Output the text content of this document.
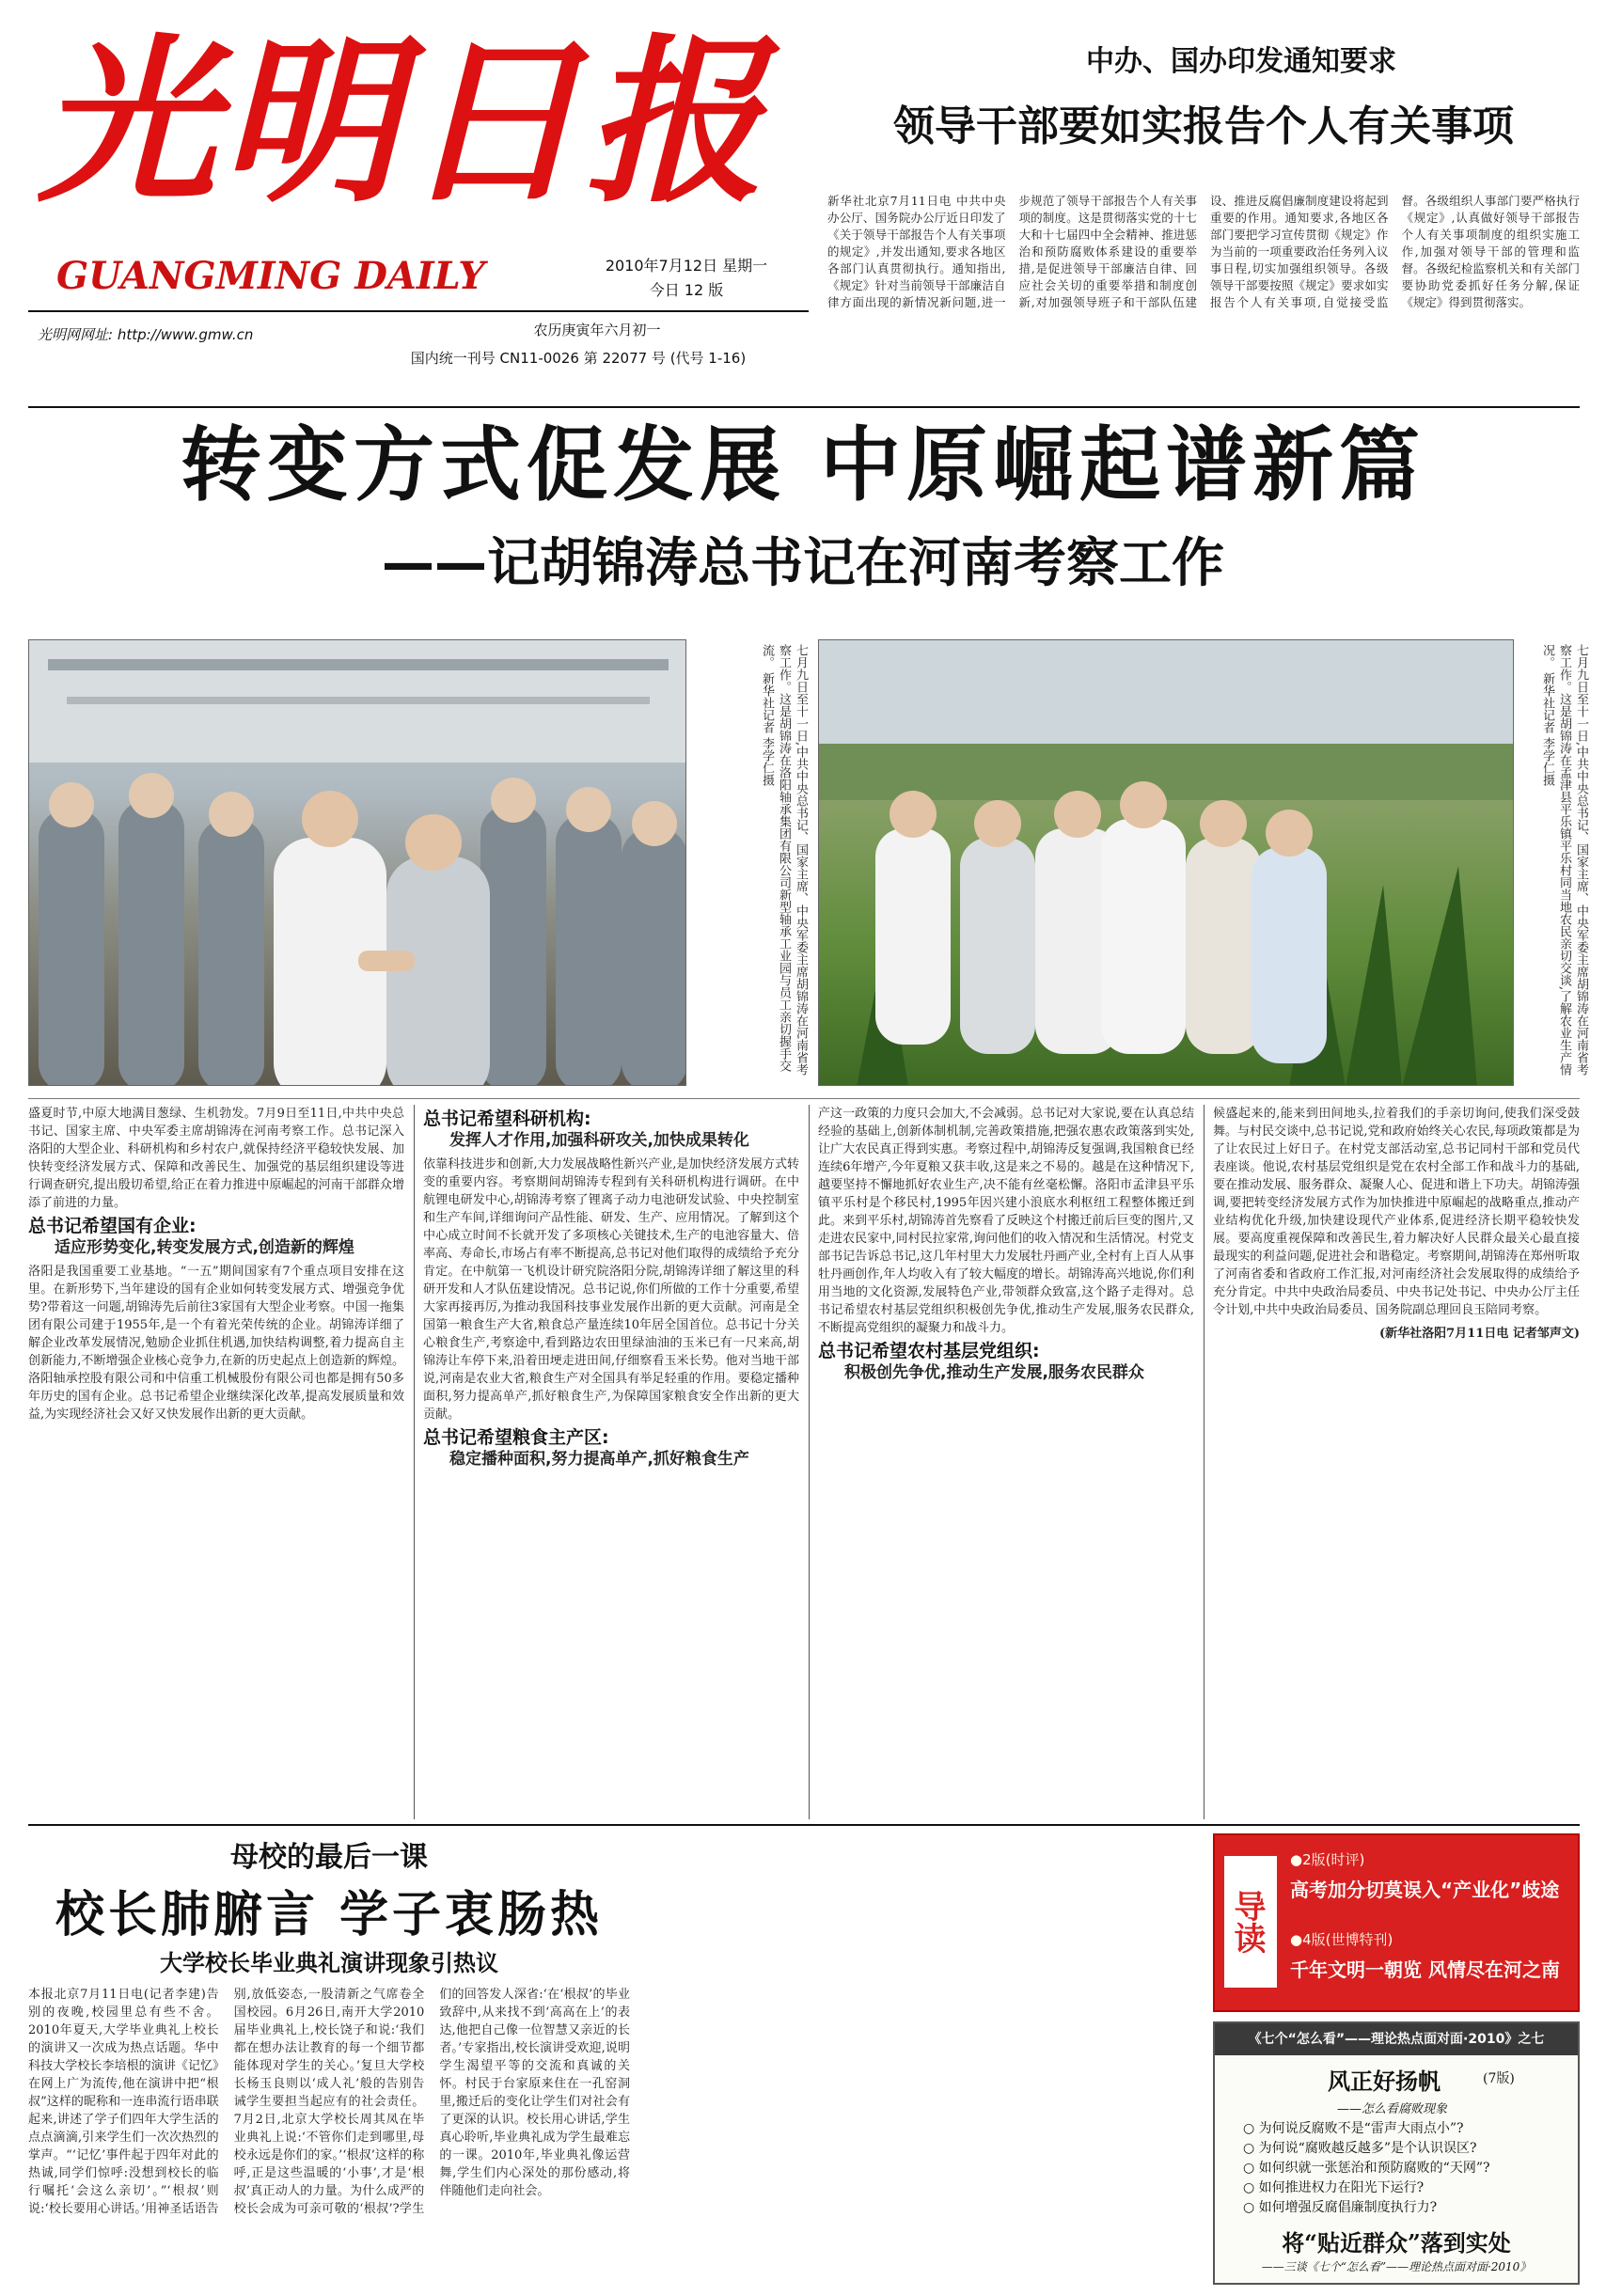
光明日报
GUANGMING DAILY
光明网网址: http://www.gmw.cn
2010年7月12日 星期一
今日 12 版
农历庚寅年六月初一
国内统一刊号 CN11-0026 第 22077 号 (代号 1-16)
中办、国办印发通知要求
领导干部要如实报告个人有关事项
新华社北京7月11日电 中共中央办公厅、国务院办公厅近日印发了《关于领导干部报告个人有关事项的规定》,并发出通知,要求各地区各部门认真贯彻执行。通知指出,《规定》针对当前领导干部廉洁自律方面出现的新情况新问题,进一步规范了领导干部报告个人有关事项的制度。这是贯彻落实党的十七大和十七届四中全会精神、推进惩治和预防腐败体系建设的重要举措,是促进领导干部廉洁自律、回应社会关切的重要举措和制度创新,对加强领导班子和干部队伍建设、推进反腐倡廉制度建设将起到重要的作用。通知要求,各地区各部门要把学习宣传贯彻《规定》作为当前的一项重要政治任务列入议事日程,切实加强组织领导。各级领导干部要按照《规定》要求如实报告个人有关事项,自觉接受监督。各级组织人事部门要严格执行《规定》,认真做好领导干部报告个人有关事项制度的组织实施工作,加强对领导干部的管理和监督。各级纪检监察机关和有关部门要协助党委抓好任务分解,保证《规定》得到贯彻落实。
转变方式促发展 中原崛起谱新篇
——记胡锦涛总书记在河南考察工作
七月九日至十一日,中共中央总书记、国家主席、中央军委主席胡锦涛在河南省考察工作。这是胡锦涛在洛阳轴承集团有限公司新型轴承工业园与员工亲切握手交流。 新华社记者 李学仁摄	七月九日至十一日,中共中央总书记、国家主席、中央军委主席胡锦涛在河南省考察工作。这是胡锦涛在孟津县平乐镇平乐村同当地农民亲切交谈,了解农业生产情况。 新华社记者 李学仁摄

盛夏时节,中原大地满目葱绿、生机勃发。7月9日至11日,中共中央总书记、国家主席、中央军委主席胡锦涛在河南考察工作。总书记深入洛阳的大型企业、科研机构和乡村农户,就保持经济平稳较快发展、加快转变经济发展方式、保障和改善民生、加强党的基层组织建设等进行调查研究,提出殷切希望,给正在着力推进中原崛起的河南干部群众增添了前进的力量。

总书记希望国有企业:
适应形势变化,转变发展方式,创造新的辉煌

洛阳是我国重要工业基地。“一五”期间国家有7个重点项目安排在这里。在新形势下,当年建设的国有企业如何转变发展方式、增强竞争优势?带着这一问题,胡锦涛先后前往3家国有大型企业考察。中国一拖集团有限公司建于1955年,是一个有着光荣传统的企业。胡锦涛详细了解企业改革发展情况,勉励企业抓住机遇,加快结构调整,着力提高自主创新能力,不断增强企业核心竞争力,在新的历史起点上创造新的辉煌。洛阳轴承控股有限公司和中信重工机械股份有限公司也都是拥有50多年历史的国有企业。总书记希望企业继续深化改革,提高发展质量和效益,为实现经济社会又好又快发展作出新的更大贡献。

总书记希望科研机构:
发挥人才作用,加强科研攻关,加快成果转化

依靠科技进步和创新,大力发展战略性新兴产业,是加快经济发展方式转变的重要内容。考察期间胡锦涛专程到有关科研机构进行调研。在中航锂电研发中心,胡锦涛考察了锂离子动力电池研发试验、中央控制室和生产车间,详细询问产品性能、研发、生产、应用情况。了解到这个中心成立时间不长就开发了多项核心关键技术,生产的电池容量大、倍率高、寿命长,市场占有率不断提高,总书记对他们取得的成绩给予充分肯定。在中航第一飞机设计研究院洛阳分院,胡锦涛详细了解这里的科研开发和人才队伍建设情况。总书记说,你们所做的工作十分重要,希望大家再接再厉,为推动我国科技事业发展作出新的更大贡献。河南是全国第一粮食生产大省,粮食总产量连续10年居全国首位。总书记十分关心粮食生产,考察途中,看到路边农田里绿油油的玉米已有一尺来高,胡锦涛让车停下来,沿着田埂走进田间,仔细察看玉米长势。他对当地干部说,河南是农业大省,粮食生产对全国具有举足轻重的作用。要稳定播种面积,努力提高单产,抓好粮食生产,为保障国家粮食安全作出新的更大贡献。

总书记希望粮食主产区:
稳定播种面积,努力提高单产,抓好粮食生产

产这一政策的力度只会加大,不会减弱。总书记对大家说,要在认真总结经验的基础上,创新体制机制,完善政策措施,把强农惠农政策落到实处,让广大农民真正得到实惠。考察过程中,胡锦涛反复强调,我国粮食已经连续6年增产,今年夏粮又获丰收,这是来之不易的。越是在这种情况下,越要坚持不懈地抓好农业生产,决不能有丝毫松懈。洛阳市孟津县平乐镇平乐村是个移民村,1995年因兴建小浪底水利枢纽工程整体搬迁到此。来到平乐村,胡锦涛首先察看了反映这个村搬迁前后巨变的图片,又走进农民家中,同村民拉家常,询问他们的收入情况和生活情况。村党支部书记告诉总书记,这几年村里大力发展牡丹画产业,全村有上百人从事牡丹画创作,年人均收入有了较大幅度的增长。胡锦涛高兴地说,你们利用当地的文化资源,发展特色产业,带领群众致富,这个路子走得对。总书记希望农村基层党组织积极创先争优,推动生产发展,服务农民群众,不断提高党组织的凝聚力和战斗力。

总书记希望农村基层党组织:
积极创先争优,推动生产发展,服务农民群众

候盛起来的,能来到田间地头,拉着我们的手亲切询问,使我们深受鼓舞。与村民交谈中,总书记说,党和政府始终关心农民,每项政策都是为了让农民过上好日子。在村党支部活动室,总书记同村干部和党员代表座谈。他说,农村基层党组织是党在农村全部工作和战斗力的基础,要在推动发展、服务群众、凝聚人心、促进和谐上下功夫。胡锦涛强调,要把转变经济发展方式作为加快推进中原崛起的战略重点,推动产业结构优化升级,加快建设现代产业体系,促进经济长期平稳较快发展。要高度重视保障和改善民生,着力解决好人民群众最关心最直接最现实的利益问题,促进社会和谐稳定。考察期间,胡锦涛在郑州听取了河南省委和省政府工作汇报,对河南经济社会发展取得的成绩给予充分肯定。中共中央政治局委员、中央书记处书记、中央办公厅主任令计划,中共中央政治局委员、国务院副总理回良玉陪同考察。

(新华社洛阳7月11日电 记者邹声文)

母校的最后一课
校长肺腑言 学子衷肠热
大学校长毕业典礼演讲现象引热议
本报北京7月11日电(记者李建)告别的夜晚,校园里总有些不舍。2010年夏天,大学毕业典礼上校长的演讲又一次成为热点话题。华中科技大学校长李培根的演讲《记忆》在网上广为流传,他在演讲中把“根叔”这样的昵称和一连串流行语串联起来,讲述了学子们四年大学生活的点点滴滴,引来学生们一次次热烈的掌声。“‘记忆’事件起于四年对此的热诚,同学们惊呼:没想到校长的临行嘱托‘会这么亲切’。”‘根叔’则说:‘校长要用心讲话。’用神圣话语告别,放低姿态,一股清新之气席卷全国校园。6月26日,南开大学2010届毕业典礼上,校长饶子和说:‘我们都在想办法让教育的每一个细节都能体现对学生的关心。’复旦大学校长杨玉良则以‘成人礼’般的告别告诫学生要担当起应有的社会责任。7月2日,北京大学校长周其凤在毕业典礼上说:‘不管你们走到哪里,母校永远是你们的家。’‘根叔’这样的称呼,正是这些温暖的‘小事’,才是‘根叔’真正动人的力量。为什么成严的校长会成为可亲可敬的‘根叔’?学生们的回答发人深省:‘在‘根叔’的毕业致辞中,从来找不到‘高高在上’的表达,他把自己像一位智慧又亲近的长者。’专家指出,校长演讲受欢迎,说明学生渴望平等的交流和真诚的关怀。村民于台家原来住在一孔窑洞里,搬迁后的变化让学生们对社会有了更深的认识。校长用心讲话,学生真心聆听,毕业典礼成为学生最难忘的一课。2010年,毕业典礼像运营舞,学生们内心深处的那份感动,将伴随他们走向社会。
导读
●2版(时评)
高考加分切莫误入“产业化”歧途
●4版(世博特刊)
千年文明一朝览 风情尽在河之南
《七个“怎么看”——理论热点面对面·2010》之七
风正好扬帆	(7版)
——怎么看腐败现象
○ 为何说反腐败不是“雷声大雨点小”?
○ 为何说“腐败越反越多”是个认识误区?
○ 如何织就一张惩治和预防腐败的“天网”?
○ 如何推进权力在阳光下运行?
○ 如何增强反腐倡廉制度执行力?
将“贴近群众”落到实处
——三谈《七个“怎么看”——理论热点面对面·2010》
